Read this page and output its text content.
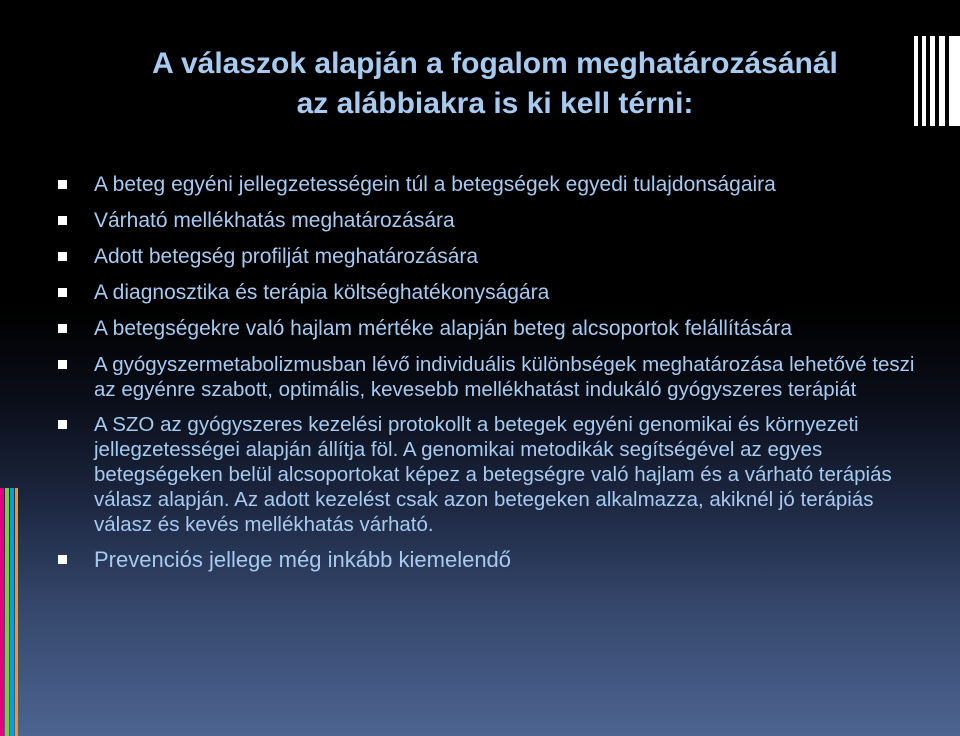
A válaszok alapján a fogalom meghatározásánál
az alábbiakra is ki kell térni:
A beteg egyéni jellegzetességein túl a betegségek egyedi tulajdonságaira
Várható mellékhatás meghatározására
Adott betegség profilját meghatározására
A diagnosztika és terápia költséghatékonyságára
A betegségekre való hajlam mértéke alapján beteg alcsoportok felállítására
A gyógyszermetabolizmusban lévő individuális különbségek meghatározása lehetővé teszi az egyénre szabott, optimális, kevesebb mellékhatást indukáló gyógyszeres terápiát
A SZO az gyógyszeres kezelési protokollt a betegek egyéni genomikai és környezeti jellegzetességei alapján állítja föl. A genomikai metodikák segítségével az egyes betegségeken belül alcsoportokat képez a betegségre való hajlam és a várható terápiás válasz alapján. Az adott kezelést csak azon betegeken alkalmazza, akiknél jó terápiás válasz és kevés mellékhatás várható.
Prevenciós jellege még inkább kiemelendő
